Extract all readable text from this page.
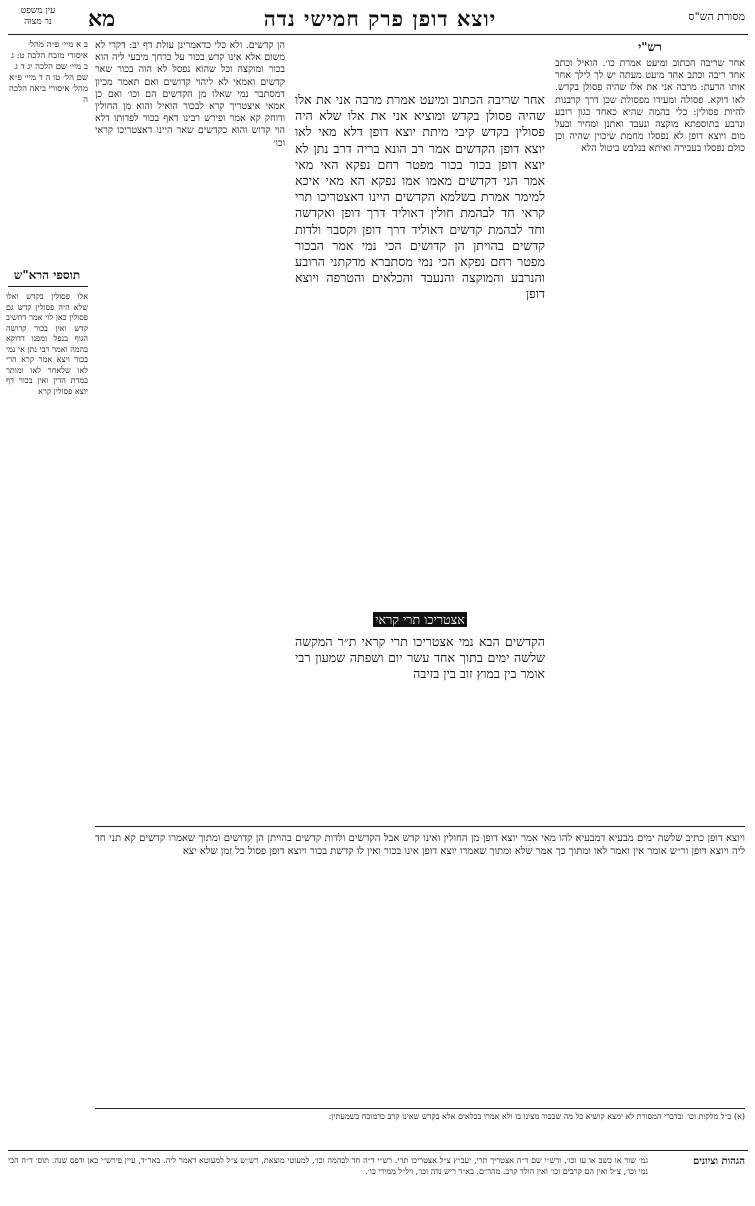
עין משפט
נר מצוה	מא	יוצא דופן פרק חמישי נדה	מסורת הש"ס
ב א מיי׳ פ״ה מהל׳ איסורי מזבח הלכה ט: ג ב מיי׳ שם הלכה יג ד ג שם הל׳ טו ה ד מיי׳ פ״א מהל׳ איסורי ביאה הלכה ה
תוספי הרא"ש
אלו פסולין בקדש ואלו שלא היה פסולין קדש גם פסולין כאן לוי אמר דחשיב קדש ואין בכור קדושה הגוף בנפל ומפנו דדוקא בהמה ואמר רבי נתן אי נמי בכור ויצא אמר קרא הרי לאו שלאחר לאו ומותר במדת הדין ואין בכור דף יוצא פסולין קרא
הן קדשים. ולא כלי כדאמרינן עולת דף יב: דקרי לא משום אלא אינו קדש בכור על כרחך מיבעי ליה הוא בכור ומוקצה וכל שהוא נפסל לא הוה בכור שאר קדשים ואמאי לא ליהוי קדושים ואם תאמר מכיון דמסתבר נמי שאלו מן הקדשים הם וכו׳ ואם כן אמאי איצטריך קרא לבכור הואיל והוא מן החולין ודוחק קא אמר ופירש רבינו דאף בכור לפדותו דלא הוי קדוש והוא כקדשים שאר היינו דאצטריכו קראי וכו׳
אחר שריבה הכתוב ומיעט אמרת מרבה אני את אלו שהיה פסולן בקדש ומוציא אני את אלו שלא היה פסולין בקדש קיבי מיתת יוצא דופן דלא מאי לאו יוצא דופן הקדשים אמר רב הונא בריה דרב נתן לא יוצא דופן בכור בכור מפטר רחם נפקא האי מאי אמר הני דקדשים מאמו אמו נפקא הא מאי איכא למימר אמרת בשלמא הקדשים היינו דאצטריכו תרי קראי חד לבהמת חולין דאוליד דרך דופן ואקדשה וחד לבהמת קדשים דאוליד דרך דופן וקסבר ולדות קדשים בהויתן הן קדושים הכי נמי אמר הבכור מפטר רחם נפקא הכי נמי מסתברא מדקתני הרובע והנרבע והמוקצה והנעבד והכלאים והטרפה ויוצא דופן
אצטריכו תרי קראי
הקדשים הבא נמי אצטריכו תרי קראי ת״ר המקשה שלשה ימים בתוך אחד עשר יום ושפתה שמעון רבי אומר בין במוץ זוב בין בזיבה
רש"י
אחר שריבה הכתוב ומיעט אמרת כו׳. הואיל וכתב אחד ריבה וכתב אחד מיעט מעתה יש לך לילך אחר אותו הדעת: מרבה אני את אלו שהיה פסולן בקדש. לאו דוקא. פסולה ומעידו מפסולת שכן דרך קרבנות להיות פסולין: כלי בהמה שהיא כאחד כגון רובע ונרבע בתוספתא מוקצה ונעבד ואתנן ומחיר ובעל מום ויוצא דופן לא נפסלו מחמת שיכוין שהיה וכן כולם נפסלו בעבירה ואיתא בנלבש ביטול הלא
ויוצא דופן כתיב שלשה ימים מבעיא דמבעיא להו מאי אמר יוצא דופן מן החולין ואינו קדש אבל הקדשים ולדות קדשים בהויתן הן קדושים ומתוך שאמרו קדשים קא תני חד ליה ויוצא דופן ור״ש אומר אין ואמר לאו ומתוך כך אמר שלא ומתוך שאמרו יוצא דופן אינו בכור ואין לו קדשת בכור ויוצא דופן פסול כל זמן שלא יצא
(א) ב״ל מלקות וכו׳ ובדברי המסורת לא ימצא קושיא כל מה שבכור מצינו בו ולא אמרו בכלאים אלא בקדש שאינו קרב כדמוכח בשמעתין:
הגהות וציונים
גמ׳ שור או כשב או עז וכו׳, ורש״י שם ד״ה אצטריך תרי, יעב״ץ צ״ל אצטריכו תרי. רש״י ד״ה חד לבהמה וכו׳, למעוטי מוצאת, רש״ש צ״ל למעוטא דאמר ליה. באר״ד, עיין פירש״י כאן ודפס שנה. תוס׳ ד״ה הכי נמי וכו׳, צ״ל ואין הם קרבים וכו׳ ואין הולד קרב. מהר״ם. בא״ד ריש נדה וכו׳, ויל״ל ממירי כו׳.
